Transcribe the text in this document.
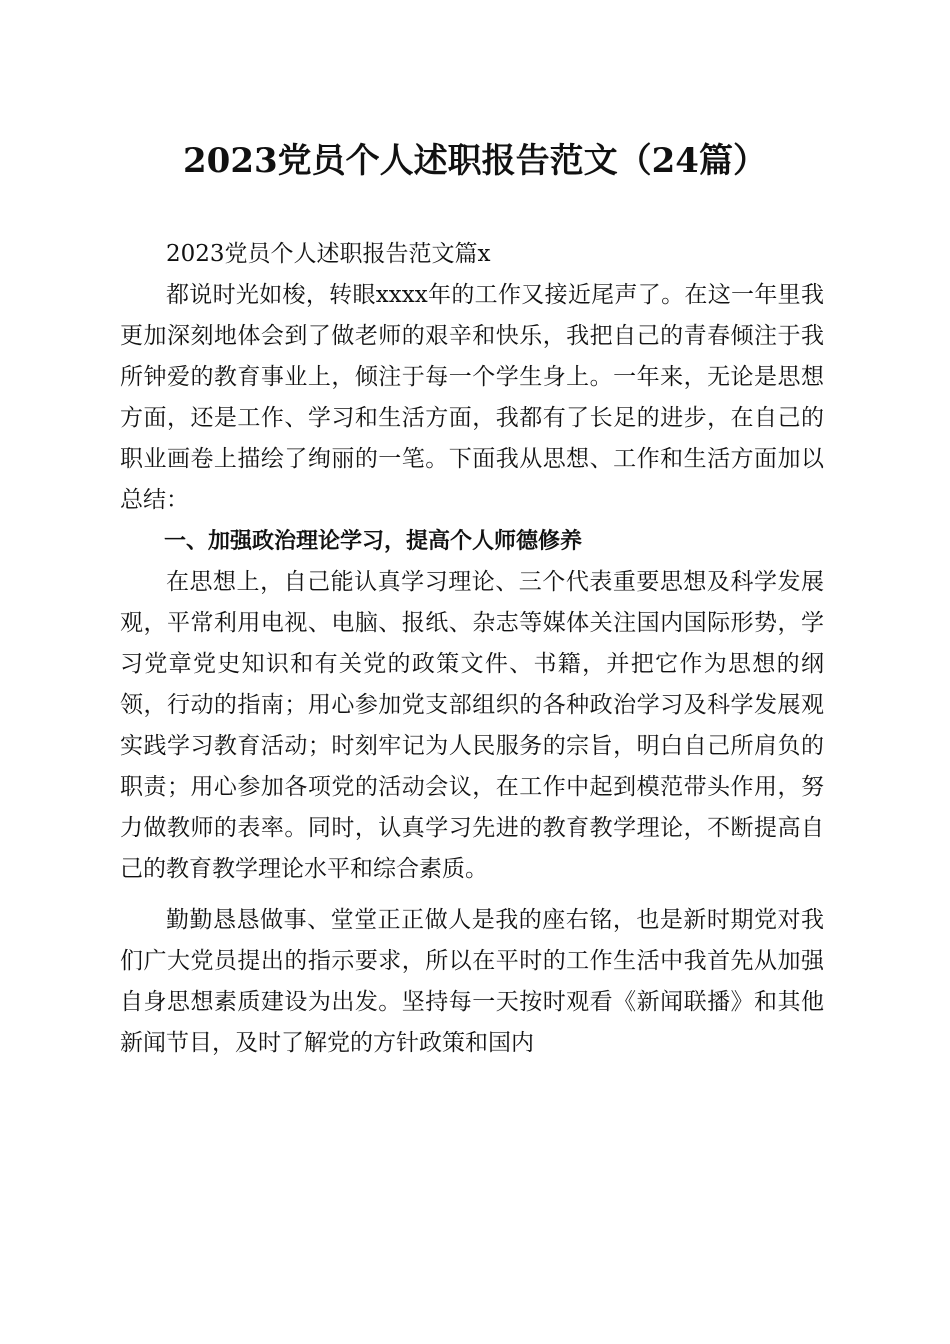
2023党员个人述职报告范文（24篇）

2023党员个人述职报告范文篇x

都说时光如梭，转眼xxxx年的工作又接近尾声了。在这一年里我更加深刻地体会到了做老师的艰辛和快乐，我把自己的青春倾注于我所钟爱的教育事业上，倾注于每一个学生身上。一年来，无论是思想方面，还是工作、学习和生活方面，我都有了长足的进步，在自己的职业画卷上描绘了绚丽的一笔。下面我从思想、工作和生活方面加以总结：

一、加强政治理论学习，提高个人师德修养

在思想上，自己能认真学习理论、三个代表重要思想及科学发展观，平常利用电视、电脑、报纸、杂志等媒体关注国内国际形势，学习党章党史知识和有关党的政策文件、书籍，并把它作为思想的纲领，行动的指南；用心参加党支部组织的各种政治学习及科学发展观实践学习教育活动；时刻牢记为人民服务的宗旨，明白自己所肩负的职责；用心参加各项党的活动会议，在工作中起到模范带头作用，努力做教师的表率。同时，认真学习先进的教育教学理论，不断提高自己的教育教学理论水平和综合素质。

勤勤恳恳做事、堂堂正正做人是我的座右铭，也是新时期党对我们广大党员提出的指示要求，所以在平时的工作生活中我首先从加强自身思想素质建设为出发。坚持每一天按时观看《新闻联播》和其他新闻节目，及时了解党的方针政策和国内
